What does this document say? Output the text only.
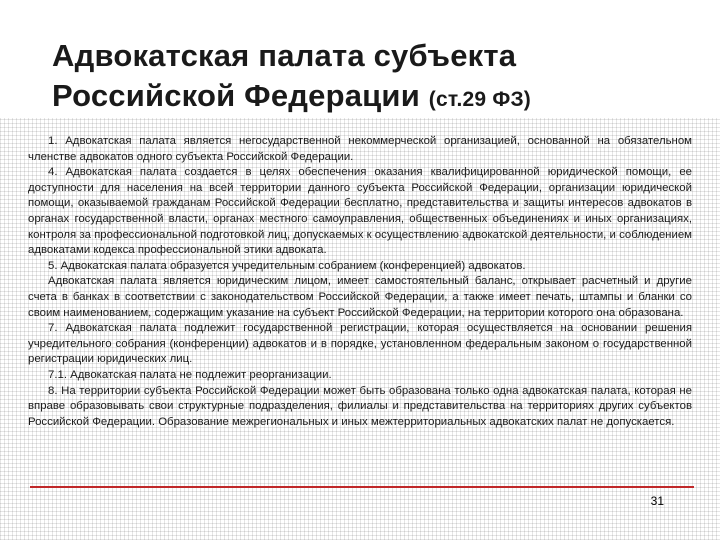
Адвокатская палата субъекта Российской Федерации (ст.29 ФЗ)

1. Адвокатская палата является негосударственной некоммерческой организацией, основанной на обязательном членстве адвокатов одного субъекта Российской Федерации.

4. Адвокатская палата создается в целях обеспечения оказания квалифицированной юридической помощи, ее доступности для населения на всей территории данного субъекта Российской Федерации, организации юридической помощи, оказываемой гражданам Российской Федерации бесплатно, представительства и защиты интересов адвокатов в органах государственной власти, органах местного самоуправления, общественных объединениях и иных организациях, контроля за профессиональной подготовкой лиц, допускаемых к осуществлению адвокатской деятельности, и соблюдением адвокатами кодекса профессиональной этики адвоката.

5. Адвокатская палата образуется учредительным собранием (конференцией) адвокатов.

Адвокатская палата является юридическим лицом, имеет самостоятельный баланс, открывает расчетный и другие счета в банках в соответствии с законодательством Российской Федерации, а также имеет печать, штампы и бланки со своим наименованием, содержащим указание на субъект Российской Федерации, на территории которого она образована.

7. Адвокатская палата подлежит государственной регистрации, которая осуществляется на основании решения учредительного собрания (конференции) адвокатов и в порядке, установленном федеральным законом о государственной регистрации юридических лиц.

7.1. Адвокатская палата не подлежит реорганизации.

8. На территории субъекта Российской Федерации может быть образована только одна адвокатская палата, которая не вправе образовывать свои структурные подразделения, филиалы и представительства на территориях других субъектов Российской Федерации. Образование межрегиональных и иных межтерриториальных адвокатских палат не допускается.

31
